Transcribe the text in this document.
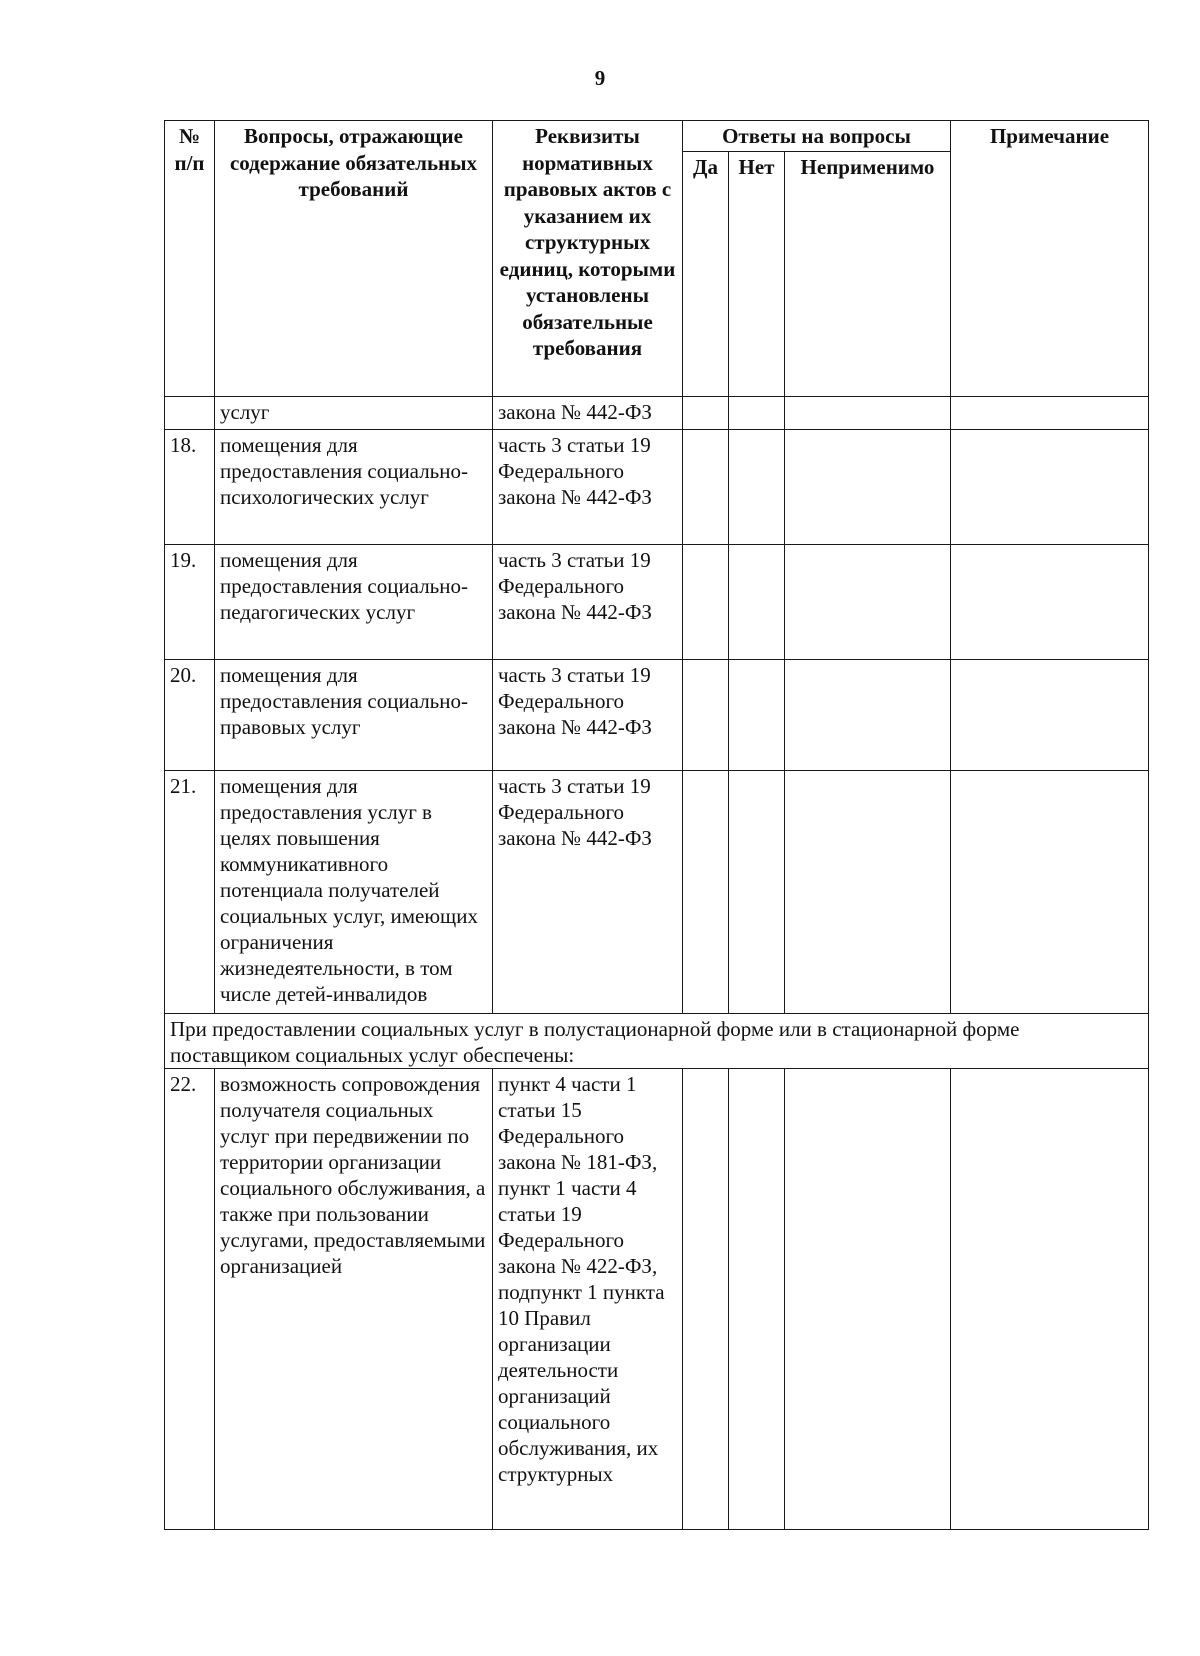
9
№ п/п	Вопросы, отражающие содержание обязательных требований	Реквизиты нормативных правовых актов с указанием их структурных единиц, которыми установлены обязательные требования	Ответы на вопросы			Примечание
			Да	Нет	Неприменимо	
	услуг	закона № 442-ФЗ				
18.	помещения для предоставления социально-психологических услуг	часть 3 статьи 19 Федерального закона № 442-ФЗ				
19.	помещения для предоставления социально-педагогических услуг	часть 3 статьи 19 Федерального закона № 442-ФЗ				
20.	помещения для предоставления социально-правовых услуг	часть 3 статьи 19 Федерального закона № 442-ФЗ				
21.	помещения для предоставления услуг в целях повышения коммуникативного потенциала получателей социальных услуг, имеющих ограничения жизнедеятельности, в том числе детей-инвалидов	часть 3 статьи 19 Федерального закона № 442-ФЗ				
При предоставлении социальных услуг в полустационарной форме или в стационарной форме поставщиком социальных услуг обеспечены:						
22.	возможность сопровождения получателя социальных услуг при передвижении по территории организации социального обслуживания, а также при пользовании услугами, предоставляемыми организацией	пункт 4 части 1 статьи 15 Федерального закона № 181-ФЗ, пункт 1 части 4 статьи 19 Федерального закона № 422-ФЗ, подпункт 1 пункта 10 Правил организации деятельности организаций социального обслуживания, их структурных				
